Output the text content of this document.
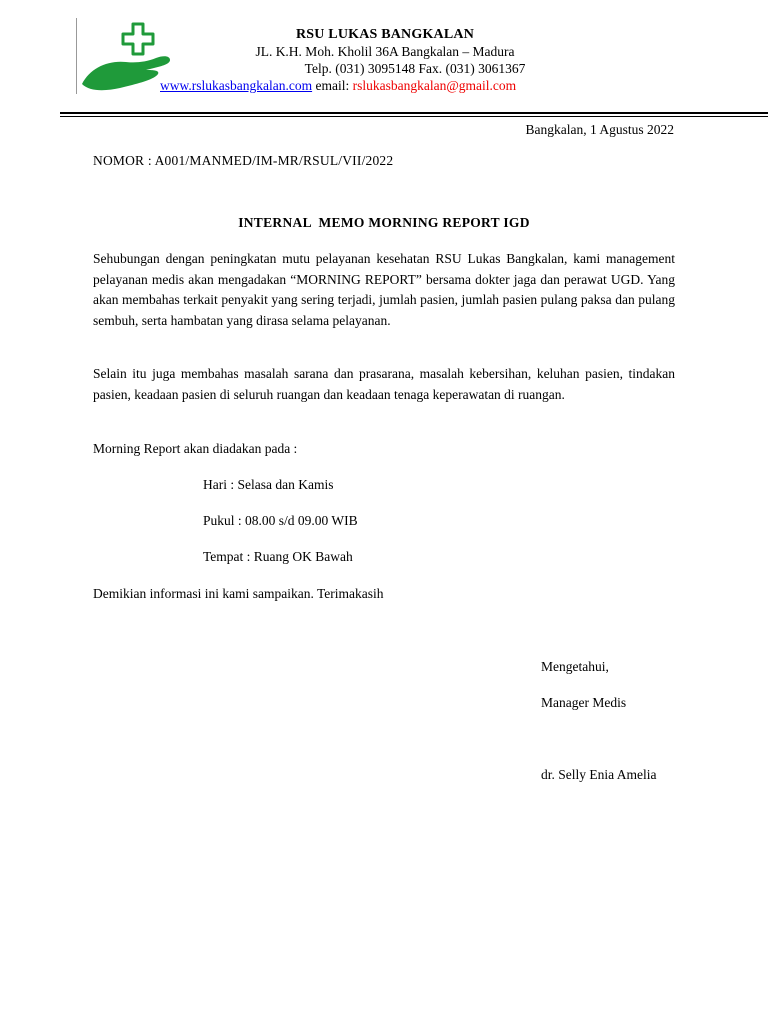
RSU LUKAS BANGKALAN
JL. K.H. Moh. Kholil 36A Bangkalan – Madura
Telp. (031) 3095148 Fax. (031) 3061367
www.rslukasbangkalan.com email: rslukasbangkalan@gmail.com
Bangkalan, 1 Agustus 2022
NOMOR : A001/MANMED/IM-MR/RSUL/VII/2022
INTERNAL  MEMO MORNING REPORT IGD

Sehubungan dengan peningkatan mutu pelayanan kesehatan RSU Lukas Bangkalan, kami management pelayanan medis akan mengadakan “MORNING REPORT” bersama dokter jaga dan perawat UGD. Yang akan membahas terkait penyakit yang sering terjadi, jumlah pasien, jumlah pasien pulang paksa dan pulang sembuh, serta hambatan yang dirasa selama pelayanan.

Selain itu juga membahas masalah sarana dan prasarana, masalah kebersihan, keluhan pasien, tindakan pasien, keadaan pasien di seluruh ruangan dan keadaan tenaga keperawatan di ruangan.

Morning Report akan diadakan pada :

Hari : Selasa dan Kamis
Pukul : 08.00 s/d 09.00 WIB
Tempat : Ruang OK Bawah
Demikian informasi ini kami sampaikan. Terimakasih
Mengetahui,
Manager Medis
dr. Selly Enia Amelia
